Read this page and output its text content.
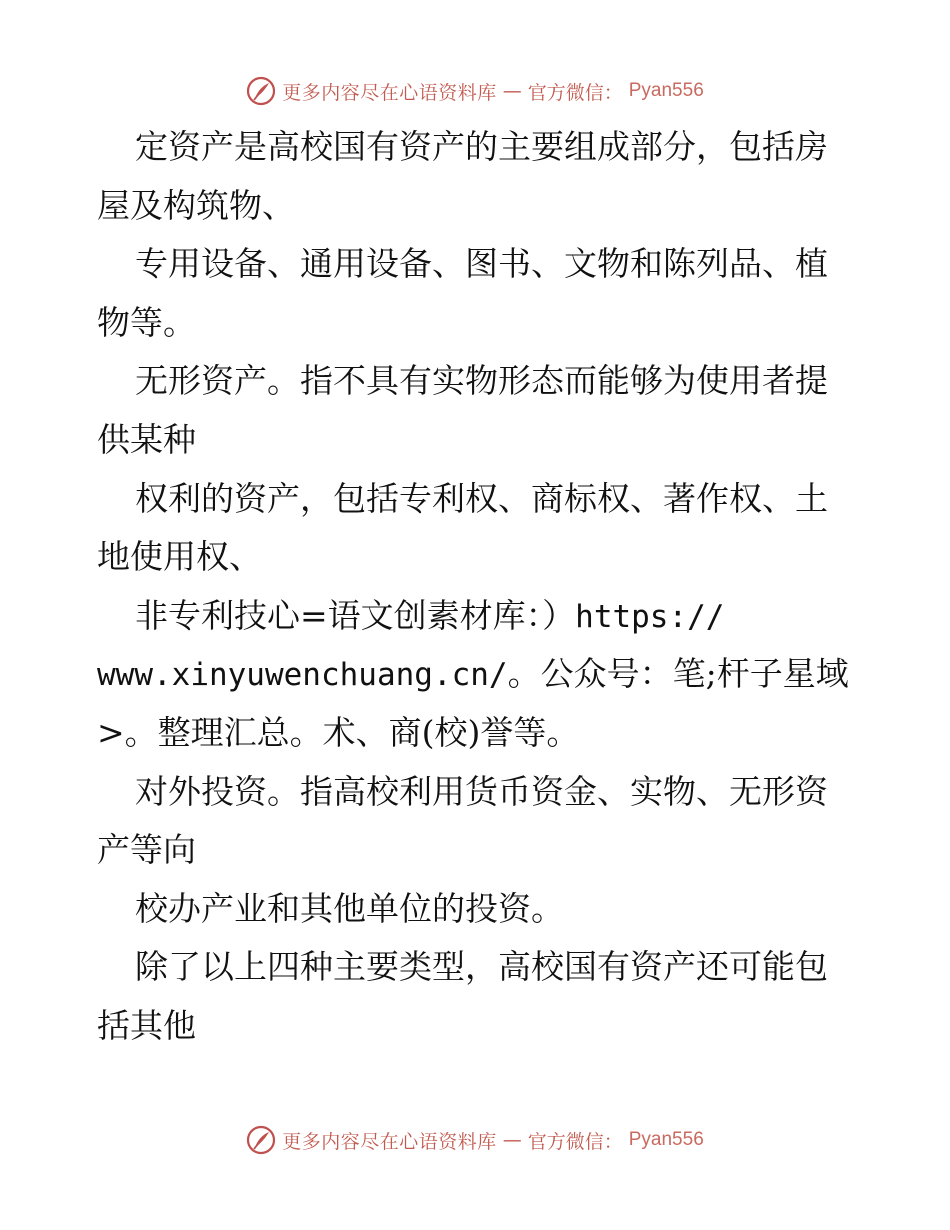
更多内容尽在心语资料库 — 官方微信： Pyan556
定资产是高校国有资产的主要组成部分，包括房
屋及构筑物、
专用设备、通用设备、图书、文物和陈列品、植
物等。
无形资产。指不具有实物形态而能够为使用者提
供某种
权利的资产，包括专利权、商标权、著作权、土
地使用权、
非专利技心=语文创素材库：）https://
www.xinyuwenchuang.cn/。公众号：笔;杆子星域
>。整理汇总。术、商(校)誉等。
对外投资。指高校利用货币资金、实物、无形资
产等向
校办产业和其他单位的投资。
除了以上四种主要类型，高校国有资产还可能包
括其他
更多内容尽在心语资料库 — 官方微信： Pyan556
